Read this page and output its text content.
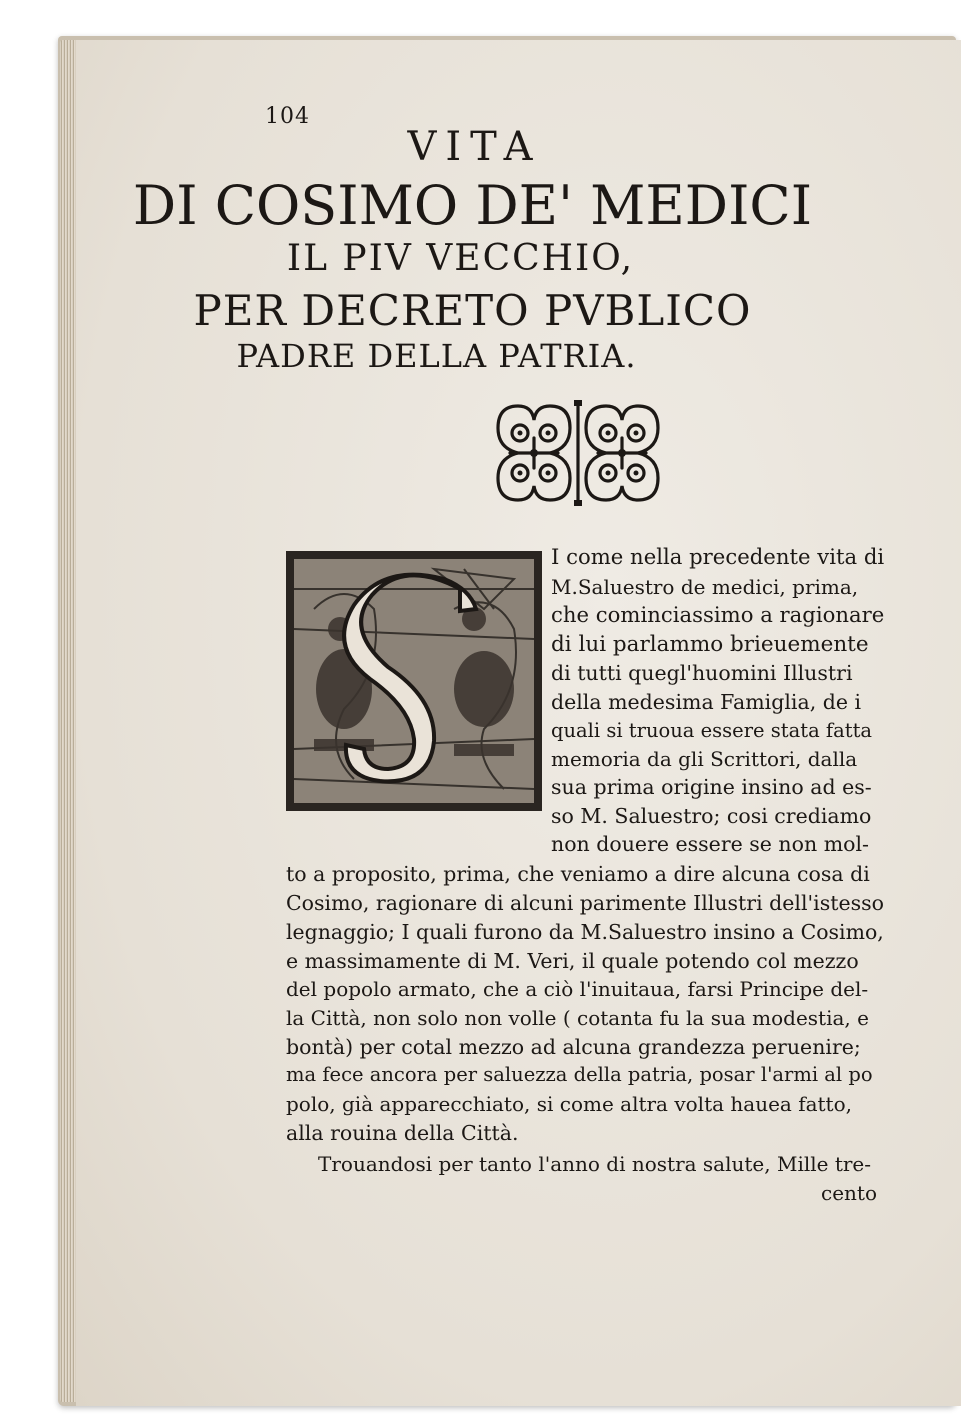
104
VITA
DI COSIMO DE' MEDICI
IL PIV VECCHIO,
PER DECRETO PVBLICO
PADRE DELLA PATRIA.
I come nella precedente vita di
M.Saluestro de medici, prima,
che cominciassimo a ragionare
di lui parlammo brieuemente
di tutti quegl'huomini Illustri
della medesima Famiglia, de i
quali si truoua essere stata fatta
memoria da gli Scrittori, dalla
sua prima origine insino ad es-
so M. Saluestro; cosi crediamo
non douere essere se non mol-
to a proposito, prima, che veniamo a dire alcuna cosa di
Cosimo, ragionare di alcuni parimente Illustri dell'istesso
legnaggio; I quali furono da M.Saluestro insino a Cosimo,
e massimamente di M. Veri, il quale potendo col mezzo
del popolo armato, che a ciò l'inuitaua, farsi Principe del-
la Città, non solo non volle ( cotanta fu la sua modestia, e
bontà) per cotal mezzo ad alcuna grandezza peruenire;
ma fece ancora per saluezza della patria, posar l'armi al po
polo, già apparecchiato, si come altra volta hauea fatto,
alla rouina della Città.
Trouandosi per tanto l'anno di nostra salute, Mille tre-
cento
